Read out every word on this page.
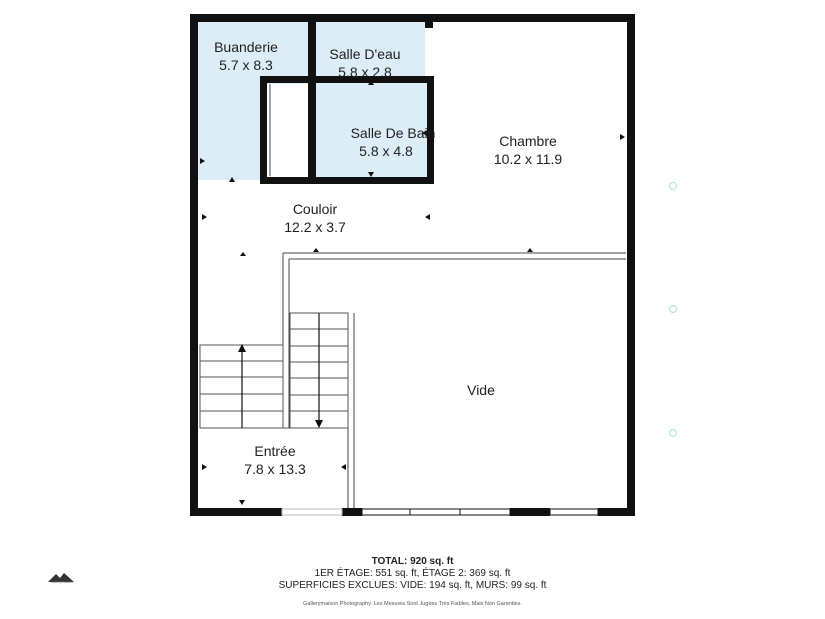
Buanderie
5.7 x 8.3
Salle D'eau
5.8 x 2.8
Salle De Bain
5.8 x 4.8
Chambre
10.2 x 11.9
Couloir
12.2 x 3.7
Vide
Entrée
7.8 x 13.3
TOTAL: 920 sq. ft
1ER ÉTAGE: 551 sq. ft, ÉTAGE 2: 369 sq. ft
SUPERFICIES EXCLUES: VIDE: 194 sq. ft, MURS: 99 sq. ft
Gallerymaison Photography. Les Mesures Sont Jugées Très Fiables, Mais Non Garanties.
Gallerymaison
